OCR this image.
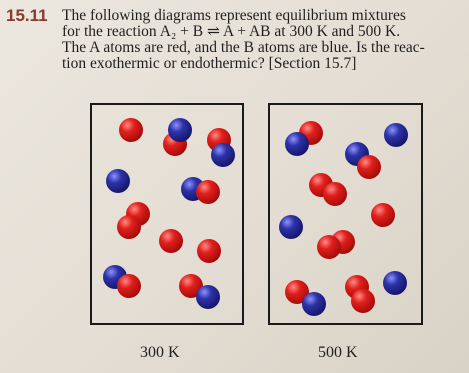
15.11 The following diagrams represent equilibrium mixtures

for the reaction A₂ + B ⇌ A + AB at 300 K and 500 K.

The A atoms are red, and the B atoms are blue. Is the reac-

tion exothermic or endothermic? [Section 15.7]

300 K	500 K
